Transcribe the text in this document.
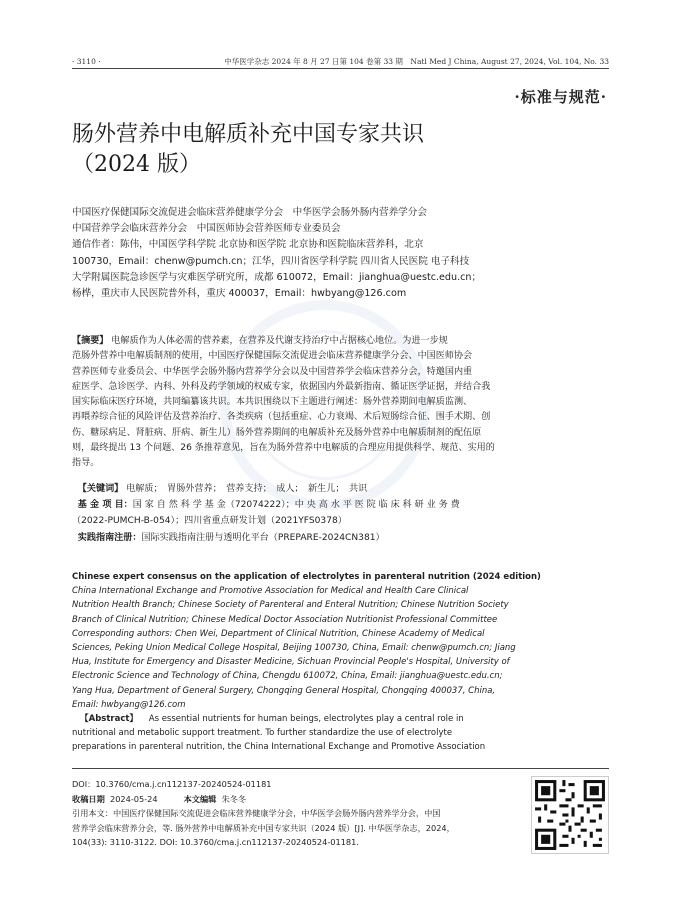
· 3110 ·	中华医学杂志 2024 年 8 月 27 日第 104 卷第 33 期　Natl Med J China, August 27, 2024, Vol. 104, No. 33
·标准与规范·
肠外营养中电解质补充中国专家共识
（2024 版）
中国医疗保健国际交流促进会临床营养健康学分会　中华医学会肠外肠内营养学分会
中国营养学会临床营养分会　中国医师协会营养医师专业委员会
通信作者：陈伟，中国医学科学院 北京协和医学院 北京协和医院临床营养科，北京
100730，Email：chenw@pumch.cn；江华，四川省医学科学院 四川省人民医院 电子科技
大学附属医院急诊医学与灾难医学研究所，成都 610072，Email：jianghua@uestc.edu.cn；
杨桦，重庆市人民医院普外科，重庆 400037，Email：hwbyang@126.com
【摘要】 电解质作为人体必需的营养素，在营养及代谢支持治疗中占据核心地位。为进一步规
范肠外营养中电解质制剂的使用，中国医疗保健国际交流促进会临床营养健康学分会、中国医师协会
营养医师专业委员会、中华医学会肠外肠内营养学分会以及中国营养学会临床营养分会，特邀国内重
症医学、急诊医学、内科、外科及药学领域的权威专家，依据国内外最新指南、循证医学证据，并结合我
国实际临床医疗环境，共同编纂该共识。本共识围绕以下主题进行阐述：肠外营养期间电解质监测、
再喂养综合征的风险评估及营养治疗、各类疾病（包括重症、心力衰竭、术后短肠综合征、围手术期、创
伤、糖尿病足、肾脏病、肝病、新生儿）肠外营养期间的电解质补充及肠外营养中电解质制剂的配伍原
则，最终提出 13 个问题、26 条推荐意见，旨在为肠外营养中电解质的合理应用提供科学、规范、实用的
指导。
【关键词】 电解质；　胃肠外营养；　营养支持；　成人；　新生儿；　共识
基 金 项 目：国 家 自 然 科 学 基 金（72074222）；中 央 高 水 平 医 院 临 床 科 研 业 务 费
（2022-PUMCH-B-054）；四川省重点研发计划（2021YFS0378）
实践指南注册：国际实践指南注册与透明化平台（PREPARE-2024CN381）
Chinese expert consensus on the application of electrolytes in parenteral nutrition (2024 edition)
China International Exchange and Promotive Association for Medical and Health Care Clinical
Nutrition Health Branch; Chinese Society of Parenteral and Enteral Nutrition; Chinese Nutrition Society
Branch of Clinical Nutrition; Chinese Medical Doctor Association Nutritionist Professional Committee
Corresponding authors: Chen Wei, Department of Clinical Nutrition, Chinese Academy of Medical
Sciences, Peking Union Medical College Hospital, Beijing 100730, China, Email: chenw@pumch.cn; Jiang
Hua, Institute for Emergency and Disaster Medicine, Sichuan Provincial People's Hospital, University of
Electronic Science and Technology of China, Chengdu 610072, China, Email: jianghua@uestc.edu.cn;
Yang Hua, Department of General Surgery, Chongqing General Hospital, Chongqing 400037, China,
Email: hwbyang@126.com
【Abstract】 As essential nutrients for human beings, electrolytes play a central role in
nutritional and metabolic support treatment. To further standardize the use of electrolyte
preparations in parenteral nutrition, the China International Exchange and Promotive Association
DOI：10.3760/cma.j.cn112137-20240524-01181
收稿日期 2024-05-24	本文编辑 朱冬冬
引用本文：中国医疗保健国际交流促进会临床营养健康学分会，中华医学会肠外肠内营养学分会，中国
营养学会临床营养分会，等. 肠外营养中电解质补充中国专家共识（2024 版）[J]. 中华医学杂志，2024，
104(33): 3110-3122. DOI: 10.3760/cma.j.cn112137-20240524-01181.
